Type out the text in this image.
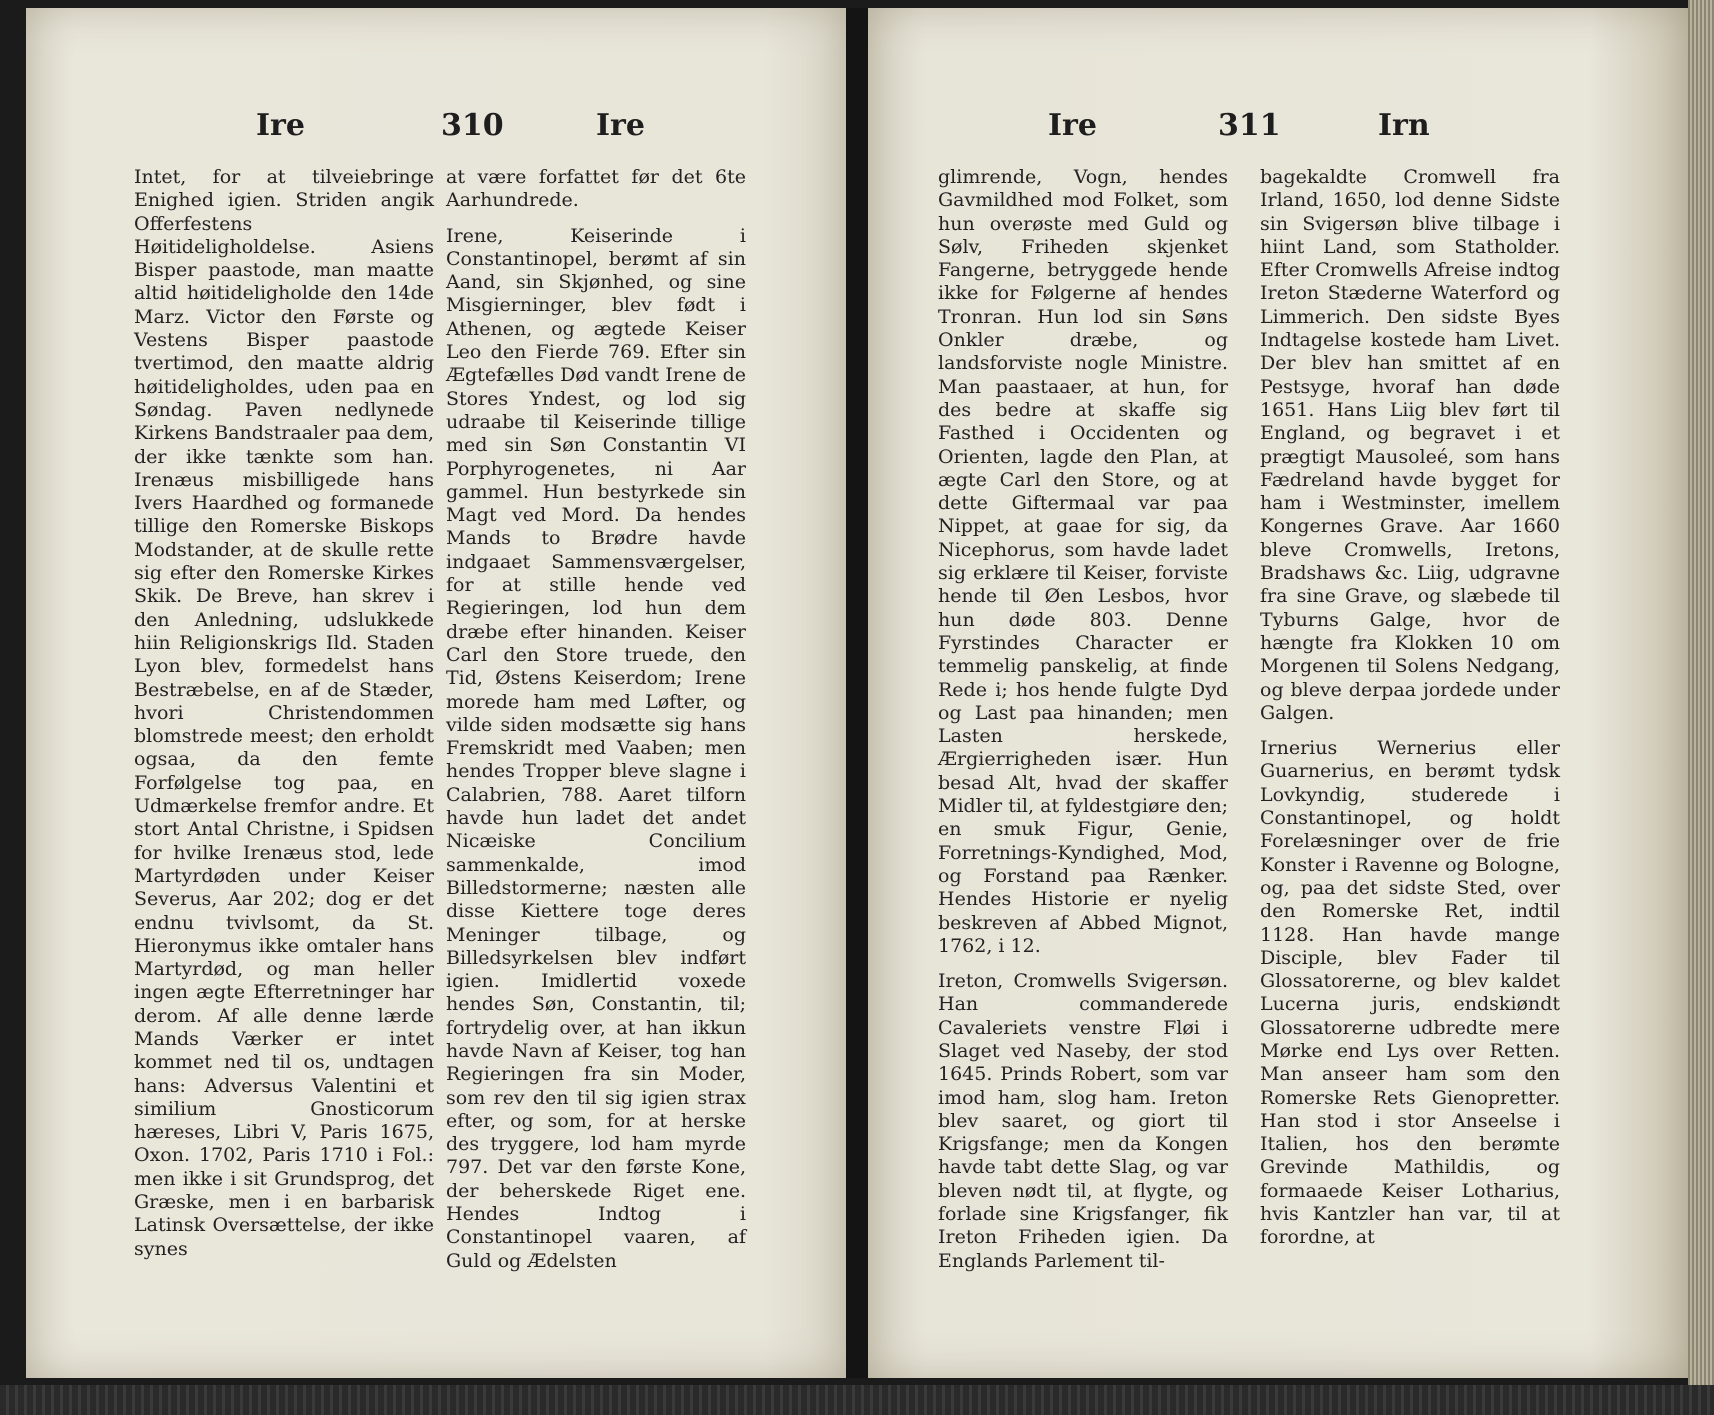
Ire	310	Ire

Intet, for at tilveiebringe Enighed igien. Striden angik Offerfestens Høitideligholdelse. Asiens Bisper paastode, man maatte altid høitideligholde den 14de Marz. Victor den Første og Vestens Bisper paastode tvertimod, den maatte aldrig høitideligholdes, uden paa en Søndag. Paven nedlynede Kirkens Bandstraaler paa dem, der ikke tænkte som han. Irenæus misbilligede hans Ivers Haardhed og formanede tillige den Romerske Biskops Modstander, at de skulle rette sig efter den Romerske Kirkes Skik. De Breve, han skrev i den Anledning, udslukkede hiin Religionskrigs Ild. Staden Lyon blev, formedelst hans Bestræbelse, en af de Stæder, hvori Christendommen blomstrede meest; den erholdt ogsaa, da den femte Forfølgelse tog paa, en Udmærkelse fremfor andre. Et stort Antal Christne, i Spidsen for hvilke Irenæus stod, lede Martyrdøden under Keiser Severus, Aar 202; dog er det endnu tvivlsomt, da St. Hieronymus ikke omtaler hans Martyrdød, og man heller ingen ægte Efterretninger har derom. Af alle denne lærde Mands Værker er intet kommet ned til os, undtagen hans: Adversus Valentini et similium Gnosticorum hæreses, Libri V, Paris 1675, Oxon. 1702, Paris 1710 i Fol.: men ikke i sit Grundsprog, det Græske, men i en barbarisk Latinsk Oversættelse, der ikke synes

at være forfattet før det 6te Aarhundrede.

Irene, Keiserinde i Constantinopel, berømt af sin Aand, sin Skjønhed, og sine Misgierninger, blev født i Athenen, og ægtede Keiser Leo den Fierde 769. Efter sin Ægtefælles Død vandt Irene de Stores Yndest, og lod sig udraabe til Keiserinde tillige med sin Søn Constantin VI Porphyrogenetes, ni Aar gammel. Hun bestyrkede sin Magt ved Mord. Da hendes Mands to Brødre havde indgaaet Sammensværgelser, for at stille hende ved Regieringen, lod hun dem dræbe efter hinanden. Keiser Carl den Store truede, den Tid, Østens Keiserdom; Irene morede ham med Løfter, og vilde siden modsætte sig hans Fremskridt med Vaaben; men hendes Tropper bleve slagne i Calabrien, 788. Aaret tilforn havde hun ladet det andet Nicæiske Concilium sammenkalde, imod Billedstormerne; næsten alle disse Kiettere toge deres Meninger tilbage, og Billedsyrkelsen blev indført igien. Imidlertid voxede hendes Søn, Constantin, til; fortrydelig over, at han ikkun havde Navn af Keiser, tog han Regieringen fra sin Moder, som rev den til sig igien strax efter, og som, for at herske des tryggere, lod ham myrde 797. Det var den første Kone, der beherskede Riget ene. Hendes Indtog i Constantinopel vaaren, af Guld og Ædelsten

Ire	311	Irn

glimrende, Vogn, hendes Gavmildhed mod Folket, som hun overøste med Guld og Sølv, Friheden skjenket Fangerne, betryggede hende ikke for Følgerne af hendes Tronran. Hun lod sin Søns Onkler dræbe, og landsforviste nogle Ministre. Man paastaaer, at hun, for des bedre at skaffe sig Fasthed i Occidenten og Orienten, lagde den Plan, at ægte Carl den Store, og at dette Giftermaal var paa Nippet, at gaae for sig, da Nicephorus, som havde ladet sig erklære til Keiser, forviste hende til Øen Lesbos, hvor hun døde 803. Denne Fyrstindes Character er temmelig panskelig, at finde Rede i; hos hende fulgte Dyd og Last paa hinanden; men Lasten herskede, Ærgierrigheden især. Hun besad Alt, hvad der skaffer Midler til, at fyldestgiøre den; en smuk Figur, Genie, Forretnings-Kyndighed, Mod, og Forstand paa Rænker. Hendes Historie er nyelig beskreven af Abbed Mignot, 1762, i 12.

Ireton, Cromwells Svigersøn. Han commanderede Cavaleriets venstre Fløi i Slaget ved Naseby, der stod 1645. Prinds Robert, som var imod ham, slog ham. Ireton blev saaret, og giort til Krigsfange; men da Kongen havde tabt dette Slag, og var bleven nødt til, at flygte, og forlade sine Krigsfanger, fik Ireton Friheden igien. Da Englands Parlement til-

bagekaldte Cromwell fra Irland, 1650, lod denne Sidste sin Svigersøn blive tilbage i hiint Land, som Statholder. Efter Cromwells Afreise indtog Ireton Stæderne Waterford og Limmerich. Den sidste Byes Indtagelse kostede ham Livet. Der blev han smittet af en Pestsyge, hvoraf han døde 1651. Hans Liig blev ført til England, og begravet i et prægtigt Mausoleé, som hans Fædreland havde bygget for ham i Westminster, imellem Kongernes Grave. Aar 1660 bleve Cromwells, Iretons, Bradshaws &c. Liig, udgravne fra sine Grave, og slæbede til Tyburns Galge, hvor de hængte fra Klokken 10 om Morgenen til Solens Nedgang, og bleve derpaa jordede under Galgen.

Irnerius Wernerius eller Guarnerius, en berømt tydsk Lovkyndig, studerede i Constantinopel, og holdt Forelæsninger over de frie Konster i Ravenne og Bologne, og, paa det sidste Sted, over den Romerske Ret, indtil 1128. Han havde mange Disciple, blev Fader til Glossatorerne, og blev kaldet Lucerna juris, endskiøndt Glossatorerne udbredte mere Mørke end Lys over Retten. Man anseer ham som den Romerske Rets Gienopretter. Han stod i stor Anseelse i Italien, hos den berømte Grevinde Mathildis, og formaaede Keiser Lotharius, hvis Kantzler han var, til at forordne, at
